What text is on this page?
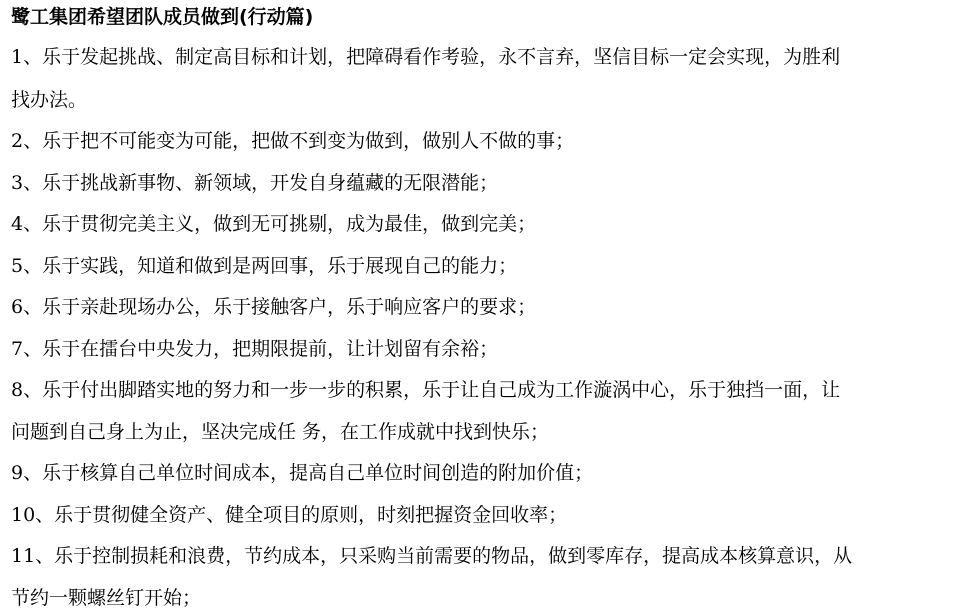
鹭工集团希望团队成员做到(行动篇)
1、乐于发起挑战、制定高目标和计划，把障碍看作考验，永不言弃，坚信目标一定会实现，为胜利
找办法。
2、乐于把不可能变为可能，把做不到变为做到，做别人不做的事；
3、乐于挑战新事物、新领域，开发自身蕴藏的无限潜能；
4、乐于贯彻完美主义，做到无可挑剔，成为最佳，做到完美；
5、乐于实践，知道和做到是两回事，乐于展现自己的能力；
6、乐于亲赴现场办公，乐于接触客户，乐于响应客户的要求；
7、乐于在擂台中央发力，把期限提前，让计划留有余裕；
8、乐于付出脚踏实地的努力和一步一步的积累，乐于让自己成为工作漩涡中心，乐于独挡一面，让
问题到自己身上为止，坚决完成任 务，在工作成就中找到快乐；
9、乐于核算自己单位时间成本，提高自己单位时间创造的附加价值；
10、乐于贯彻健全资产、健全项目的原则，时刻把握资金回收率；
11、乐于控制损耗和浪费，节约成本，只采购当前需要的物品，做到零库存，提高成本核算意识，从
节约一颗螺丝钉开始；
